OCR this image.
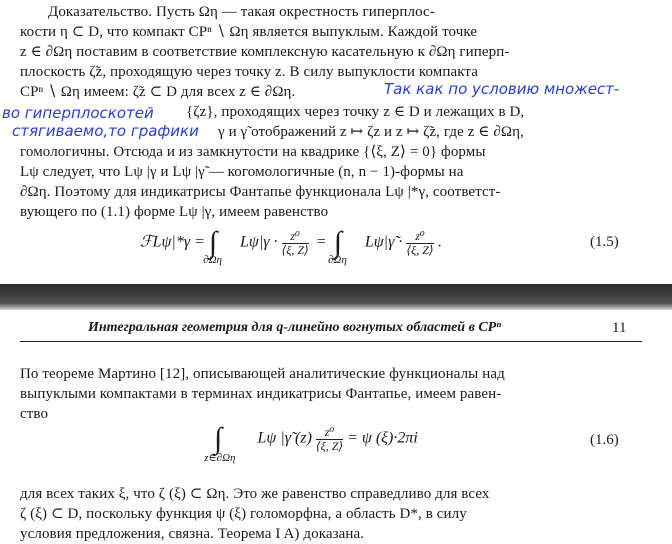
Доказательство. Пусть Ωη — такая окрестность гиперплос-
кости η ⊂ D, что компакт CPⁿ ∖ Ωη является выпуклым. Каждой точке
z ∈ ∂Ωη поставим в соответствие комплексную касательную к ∂Ωη гиперп-
плоскость ζ̃z, проходящую через точку z. В силу выпуклости компакта
CPⁿ ∖ Ωη имеем: ζ̃z ⊂ D для всех z ∈ ∂Ωη.
{ζz}, проходящих через точку z ∈ D и лежащих в D,
γ и γ̃ отображений z ↦ ζz и z ↦ ζ̃z, где z ∈ ∂Ωη,
гомологичны. Отсюда и из замкнутости на квадрике {⟨ξ, Z⟩ = 0} формы
Lψ следует, что Lψ |γ и Lψ |γ̃ — когомологичные (n, n − 1)-формы на
∂Ωη. Поэтому для индикатрисы Фантапье функционала Lψ |*γ, соответст-
вующего по (1.1) форме Lψ |γ, имеем равенство
Так как по условию множест-
во гиперплоскотей
стягиваемо,то графики
ℱLψ|*γ = $\int_{\partial\Omega\eta}$ $L\psi|\gamma \cdot \frac{\text{z⁰}}{⟨\xi, Z⟩} = \int_{\partial\Omega\eta}$ Lψ|γ̃ · $\frac{\text{z⁰}}{⟨\xi, Z⟩}$ .	(1.5)
Интегральная геометрия для q-линейно вогнутых областей в CPⁿ	11
По теореме Мартино [12], описывающей аналитические функционалы над
выпуклыми компактами в терминах индикатрисы Фантапье, имеем равен-
ство
$\int_{z\in\partial\Omega\eta}$ Lψ |γ̃ $(z) \frac{\text{z⁰}}{⟨\xi, Z⟩} = \psi$ (ξ)·2πi	(1.6)
для всех таких ξ, что ζ (ξ) ⊂ Ωη. Это же равенство справедливо для всех
ζ (ξ) ⊂ D, поскольку функция ψ (ξ) голоморфна, а область D*, в силу
условия предложения, связна. Теорема I A) доказана.
